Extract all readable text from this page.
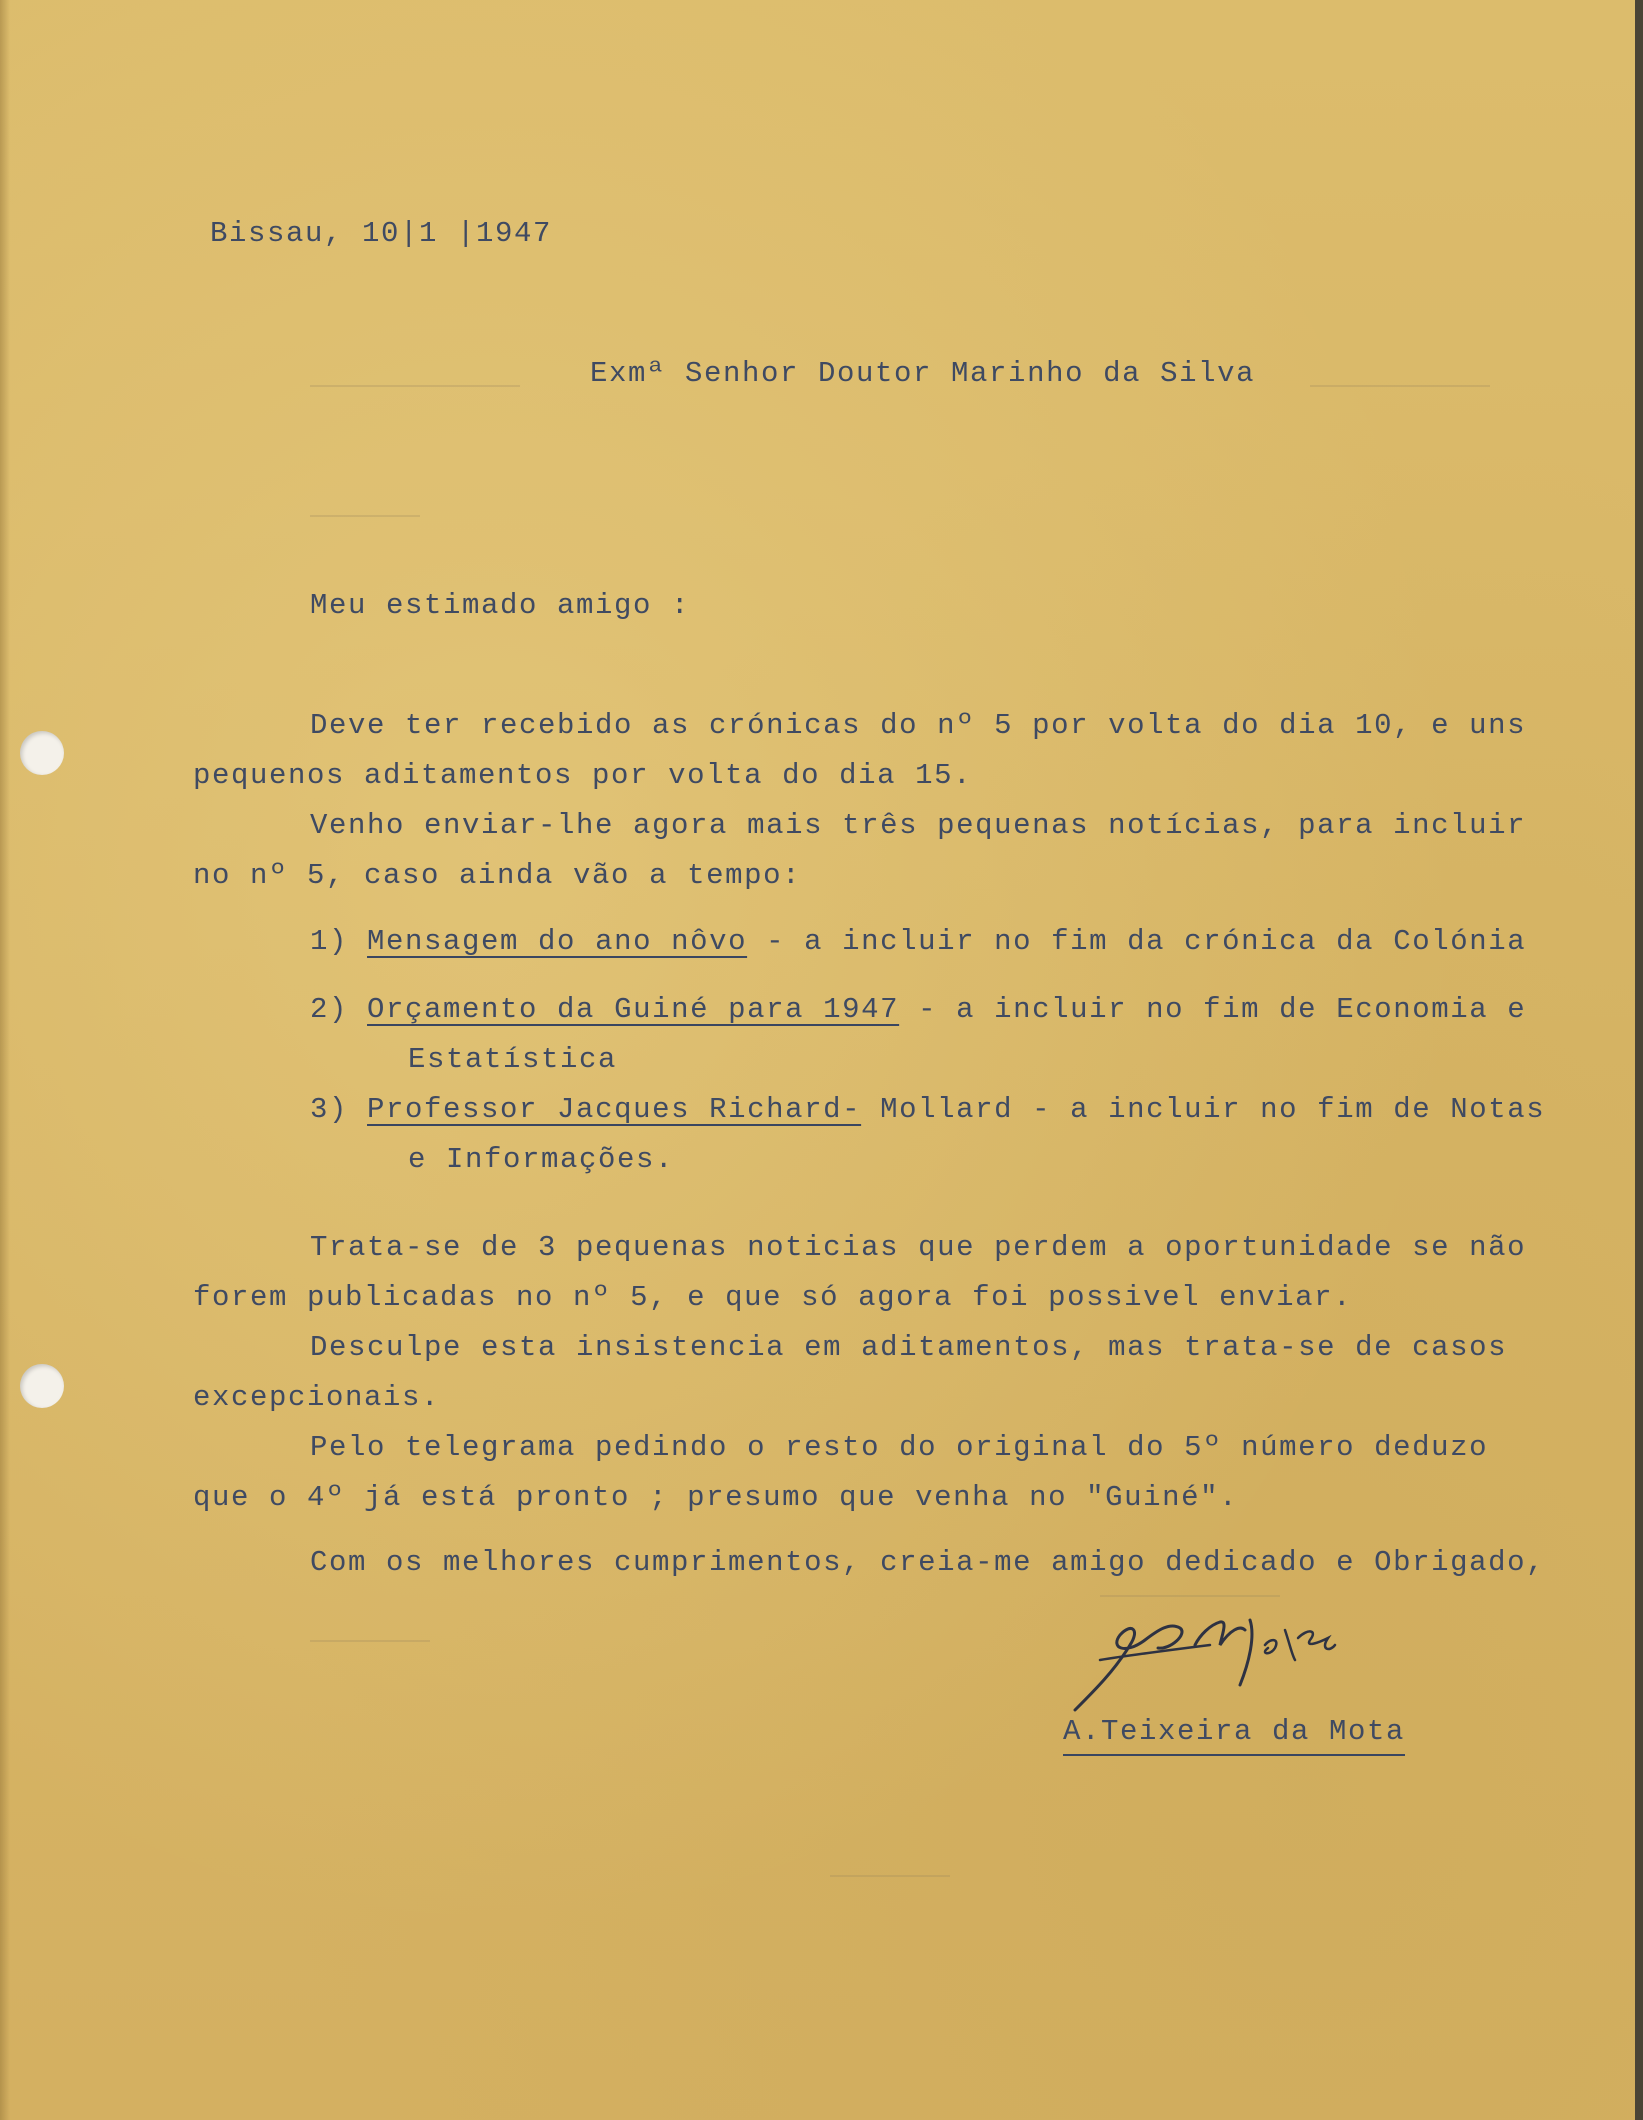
Bissau, 10|1 |1947
Exmª Senhor Doutor Marinho da Silva
Meu estimado amigo :
Deve ter recebido as crónicas do nº 5 por volta do dia 10, e uns
pequenos aditamentos por volta do dia 15.
Venho enviar-lhe agora mais três pequenas notícias, para incluir
no nº 5, caso ainda vão a tempo:
1) Mensagem do ano nôvo - a incluir no fim da crónica da Colónia
2) Orçamento da Guiné para 1947 - a incluir no fim de Economia e
Estatística
3) Professor Jacques Richard- Mollard - a incluir no fim de Notas
e Informações.
Trata-se de 3 pequenas noticias que perdem a oportunidade se não
forem publicadas no nº 5, e que só agora foi possivel enviar.
Desculpe esta insistencia em aditamentos, mas trata-se de casos
excepcionais.
Pelo telegrama pedindo o resto do original do 5º número deduzo
que o 4º já está pronto ; presumo que venha no "Guiné".
Com os melhores cumprimentos, creia-me amigo dedicado e Obrigado,
A.Teixeira da Mota
